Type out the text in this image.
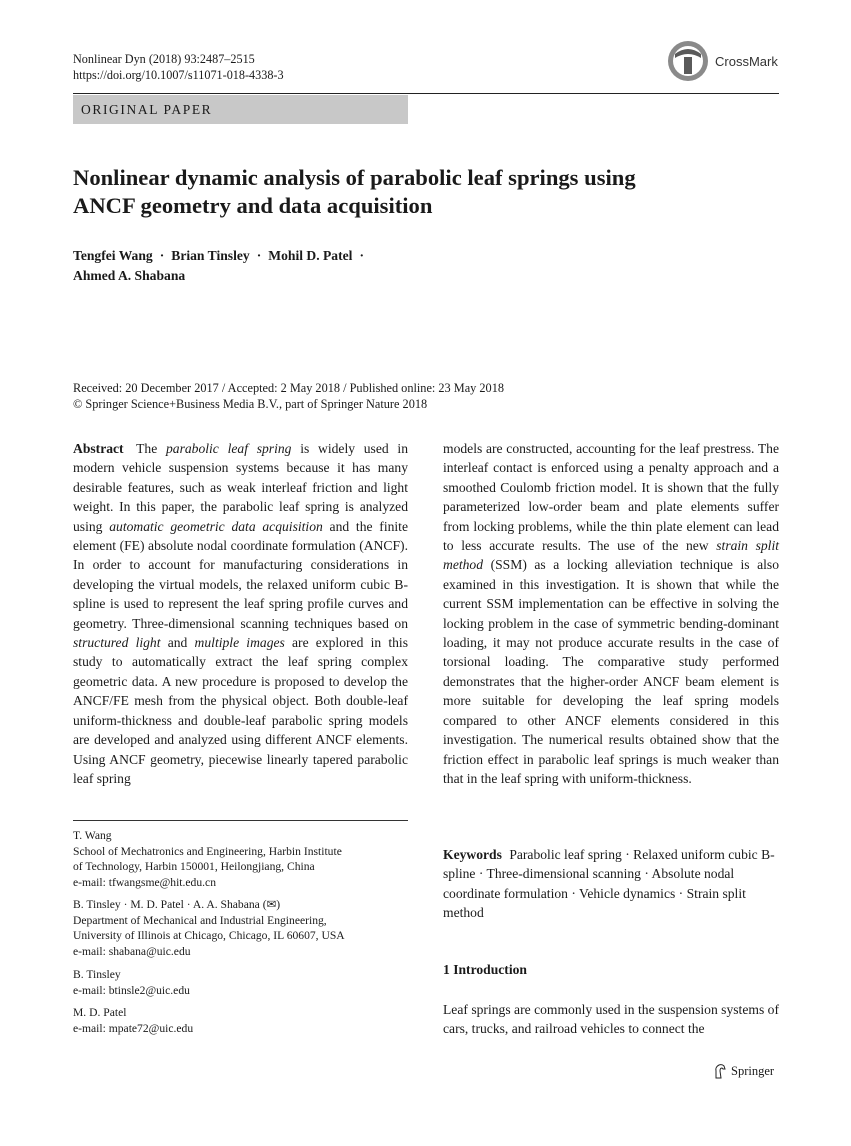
Nonlinear Dyn (2018) 93:2487–2515
https://doi.org/10.1007/s11071-018-4338-3
CrossMark
ORIGINAL PAPER
Nonlinear dynamic analysis of parabolic leaf springs using
ANCF geometry and data acquisition
Tengfei Wang · Brian Tinsley · Mohil D. Patel ·
Ahmed A. Shabana
Received: 20 December 2017 / Accepted: 2 May 2018 / Published online: 23 May 2018
© Springer Science+Business Media B.V., part of Springer Nature 2018
Abstract The parabolic leaf spring is widely used in modern vehicle suspension systems because it has many desirable features, such as weak interleaf friction and light weight. In this paper, the parabolic leaf spring is analyzed using automatic geometric data acquisition and the finite element (FE) absolute nodal coordinate formulation (ANCF). In order to account for manufacturing considerations in developing the virtual models, the relaxed uniform cubic B-spline is used to represent the leaf spring profile curves and geometry. Three-dimensional scanning techniques based on structured light and multiple images are explored in this study to automatically extract the leaf spring complex geometric data. A new procedure is proposed to develop the ANCF/FE mesh from the physical object. Both double-leaf uniform-thickness and double-leaf parabolic spring models are developed and analyzed using different ANCF elements. Using ANCF geometry, piecewise linearly tapered parabolic leaf spring
models are constructed, accounting for the leaf prestress. The interleaf contact is enforced using a penalty approach and a smoothed Coulomb friction model. It is shown that the fully parameterized low-order beam and plate elements suffer from locking problems, while the thin plate element can lead to less accurate results. The use of the new strain split method (SSM) as a locking alleviation technique is also examined in this investigation. It is shown that while the current SSM implementation can be effective in solving the locking problem in the case of symmetric bending-dominant loading, it may not produce accurate results in the case of torsional loading. The comparative study performed demonstrates that the higher-order ANCF beam element is more suitable for developing the leaf spring models compared to other ANCF elements considered in this investigation. The numerical results obtained show that the friction effect in parabolic leaf springs is much weaker than that in the leaf spring with uniform-thickness.
T. Wang
School of Mechatronics and Engineering, Harbin Institute
of Technology, Harbin 150001, Heilongjiang, China
e-mail: tfwangsme@hit.edu.cn
B. Tinsley · M. D. Patel · A. A. Shabana (✉)
Department of Mechanical and Industrial Engineering,
University of Illinois at Chicago, Chicago, IL 60607, USA
e-mail: shabana@uic.edu
B. Tinsley
e-mail: btinsle2@uic.edu
M. D. Patel
e-mail: mpate72@uic.edu
Keywords Parabolic leaf spring · Relaxed uniform cubic B-spline · Three-dimensional scanning · Absolute nodal coordinate formulation · Vehicle dynamics · Strain split method
1 Introduction
Leaf springs are commonly used in the suspension systems of cars, trucks, and railroad vehicles to connect the
Springer
